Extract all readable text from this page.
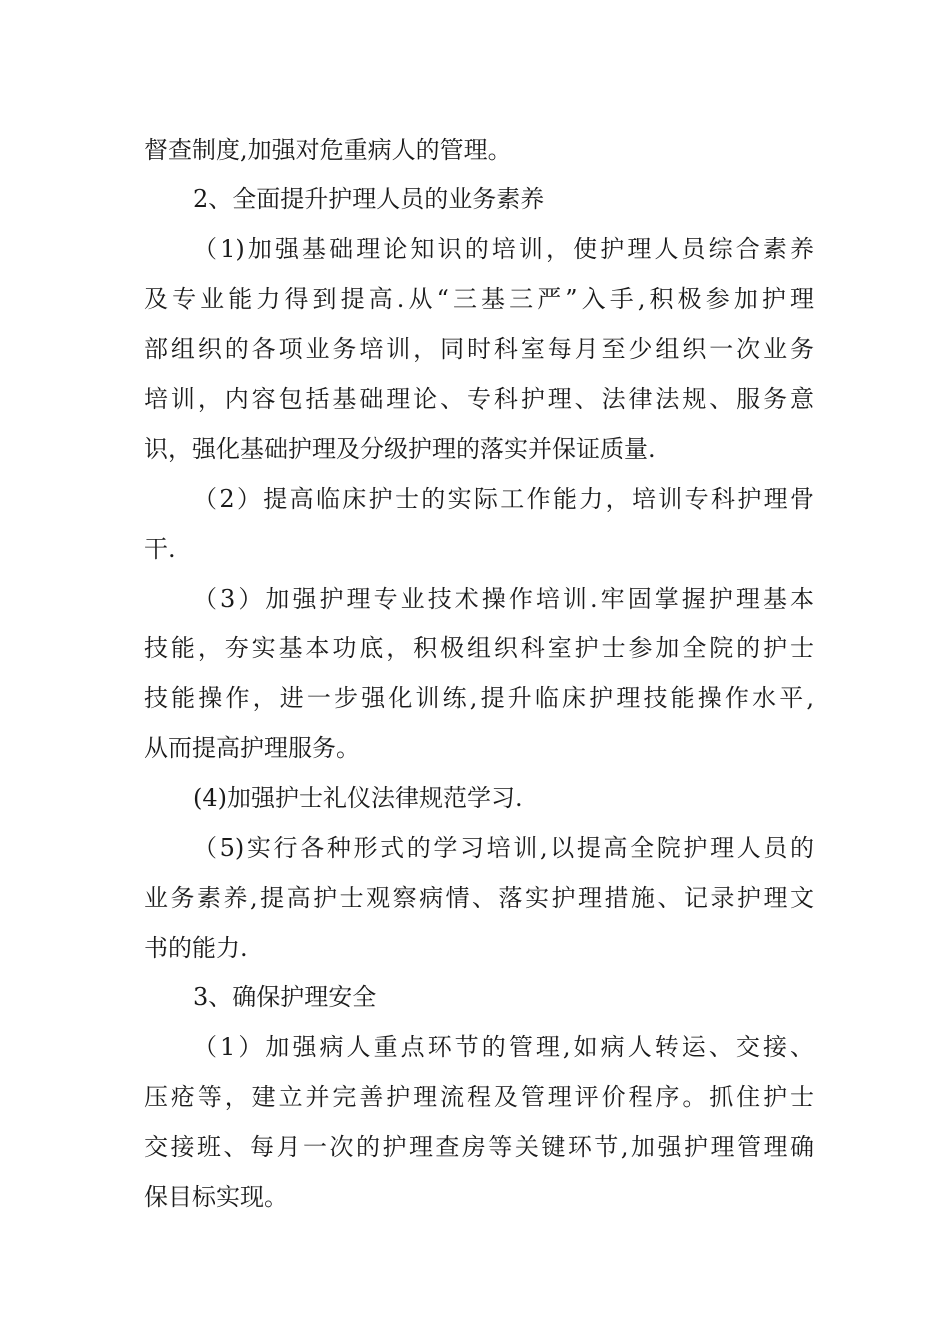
督查制度,加强对危重病人的管理。
2、全面提升护理人员的业务素养
（1)加强基础理论知识的培训，使护理人员综合素养
及专业能力得到提高.从“三基三严”入手,积极参加护理
部组织的各项业务培训，同时科室每月至少组织一次业务
培训，内容包括基础理论、专科护理、法律法规、服务意
识，强化基础护理及分级护理的落实并保证质量.
（2）提高临床护士的实际工作能力，培训专科护理骨
干.
（3）加强护理专业技术操作培训.牢固掌握护理基本
技能，夯实基本功底，积极组织科室护士参加全院的护士
技能操作，进一步强化训练,提升临床护理技能操作水平,
从而提高护理服务。
(4)加强护士礼仪法律规范学习.
（5)实行各种形式的学习培训,以提高全院护理人员的
业务素养,提高护士观察病情、落实护理措施、记录护理文
书的能力.
3、确保护理安全
（1）加强病人重点环节的管理,如病人转运、交接、
压疮等，建立并完善护理流程及管理评价程序。抓住护士
交接班、每月一次的护理查房等关键环节,加强护理管理确
保目标实现。
